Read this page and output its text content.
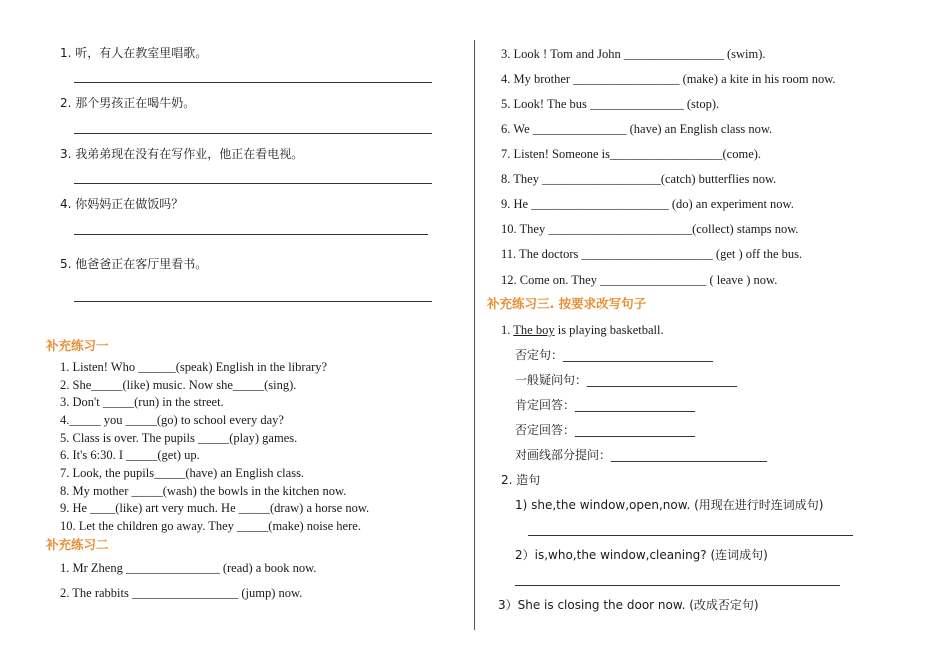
1. 听，有人在教室里唱歌。
2. 那个男孩正在喝牛奶。
3. 我弟弟现在没有在写作业，他正在看电视。
4. 你妈妈正在做饭吗？
5. 他爸爸正在客厅里看书。
补充练习一
1. Listen! Who ______(speak) English in the library?
2. She_____(like) music. Now she_____(sing).
3. Don't _____(run) in the street.
4._____ you _____(go) to school every day?
5. Class is over. The pupils _____(play) games.
6. It's 6:30. I _____(get) up.
7. Look, the pupils_____(have) an English class.
8. My mother _____(wash) the bowls in the kitchen now.
9. He ____(like) art very much. He _____(draw) a horse now.
10. Let the children go away. They _____(make) noise here.
补充练习二
1. Mr Zheng _______________ (read) a book now.
2. The rabbits _________________ (jump) now.
3. Look ! Tom and John ________________ (swim).
4. My brother _________________ (make) a kite in his room now.
5. Look! The bus _______________ (stop).
6. We _______________ (have) an English class now.
7. Listen! Someone is__________________(come).
8. They ___________________(catch) butterflies now.
9. He ______________________ (do) an experiment now.
10. They _______________________(collect) stamps now.
11. The doctors _____________________ (get ) off the bus.
12. Come on. They _________________ ( leave ) now.
补充练习三. 按要求改写句子
1. The boy is playing basketball.
否定句：_________________________
一般疑问句：_________________________
肯定回答：____________________
否定回答：____________________
对画线部分提问：__________________________
2. 造句
1) she,the window,open,now. (用现在进行时连词成句)
2）is,who,the window,cleaning? (连词成句)
3）She is closing the door now. (改成否定句)
